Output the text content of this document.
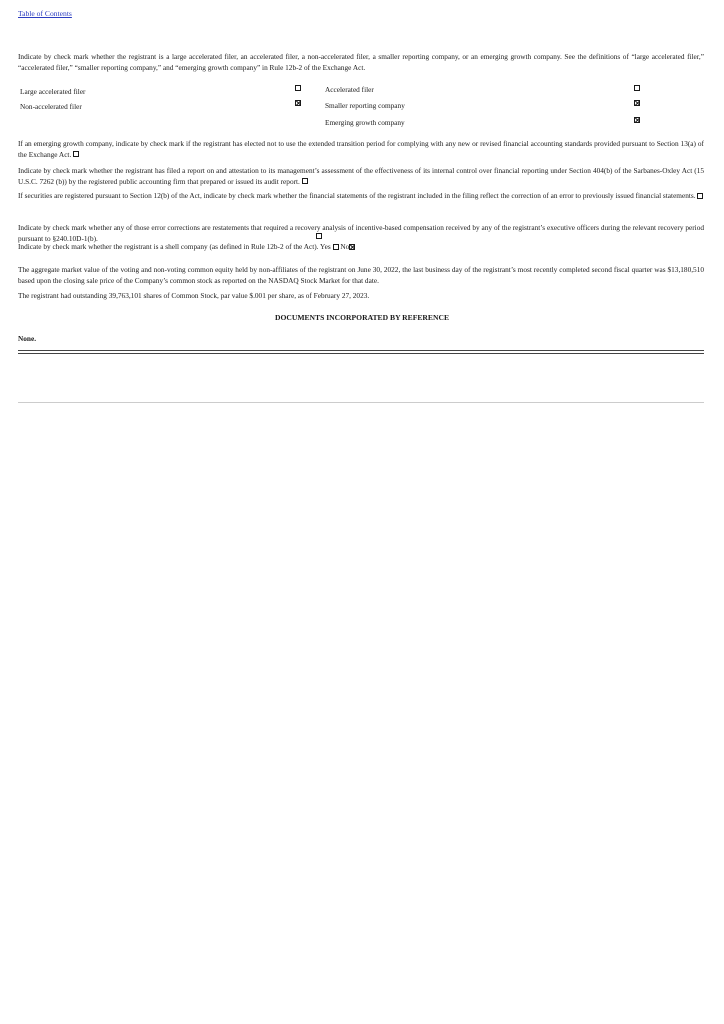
Table of Contents

Indicate by check mark whether the registrant is a large accelerated filer, an accelerated filer, a non-accelerated filer, a smaller reporting company, or an emerging growth company. See the definitions of “large accelerated filer,” “accelerated filer,” “smaller reporting company,” and “emerging growth company” in Rule 12b-2 of the Exchange Act.

Large accelerated filer	Accelerated filer
Non-accelerated filer	Smaller reporting company
Emerging growth company

If an emerging growth company, indicate by check mark if the registrant has elected not to use the extended transition period for complying with any new or revised financial accounting standards provided pursuant to Section 13(a) of the Exchange Act.

Indicate by check mark whether the registrant has filed a report on and attestation to its management’s assessment of the effectiveness of its internal control over financial reporting under Section 404(b) of the Sarbanes-Oxley Act (15 U.S.C. 7262 (b)) by the registered public accounting firm that prepared or issued its audit report.

If securities are registered pursuant to Section 12(b) of the Act, indicate by check mark whether the financial statements of the registrant included in the filing reflect the correction of an error to previously issued financial statements.

Indicate by check mark whether any of those error corrections are restatements that required a recovery analysis of incentive-based compensation received by any of the registrant’s executive officers during the relevant recovery period pursuant to §240.10D-1(b).

Indicate by check mark whether the registrant is a shell company (as defined in Rule 12b-2 of the Act). Yes No

The aggregate market value of the voting and non-voting common equity held by non-affiliates of the registrant on June 30, 2022, the last business day of the registrant’s most recently completed second fiscal quarter was $13,180,510 based upon the closing sale price of the Company’s common stock as reported on the NASDAQ Stock Market for that date.

The registrant had outstanding 39,763,101 shares of Common Stock, par value $.001 per share, as of February 27, 2023.

DOCUMENTS INCORPORATED BY REFERENCE
None.
